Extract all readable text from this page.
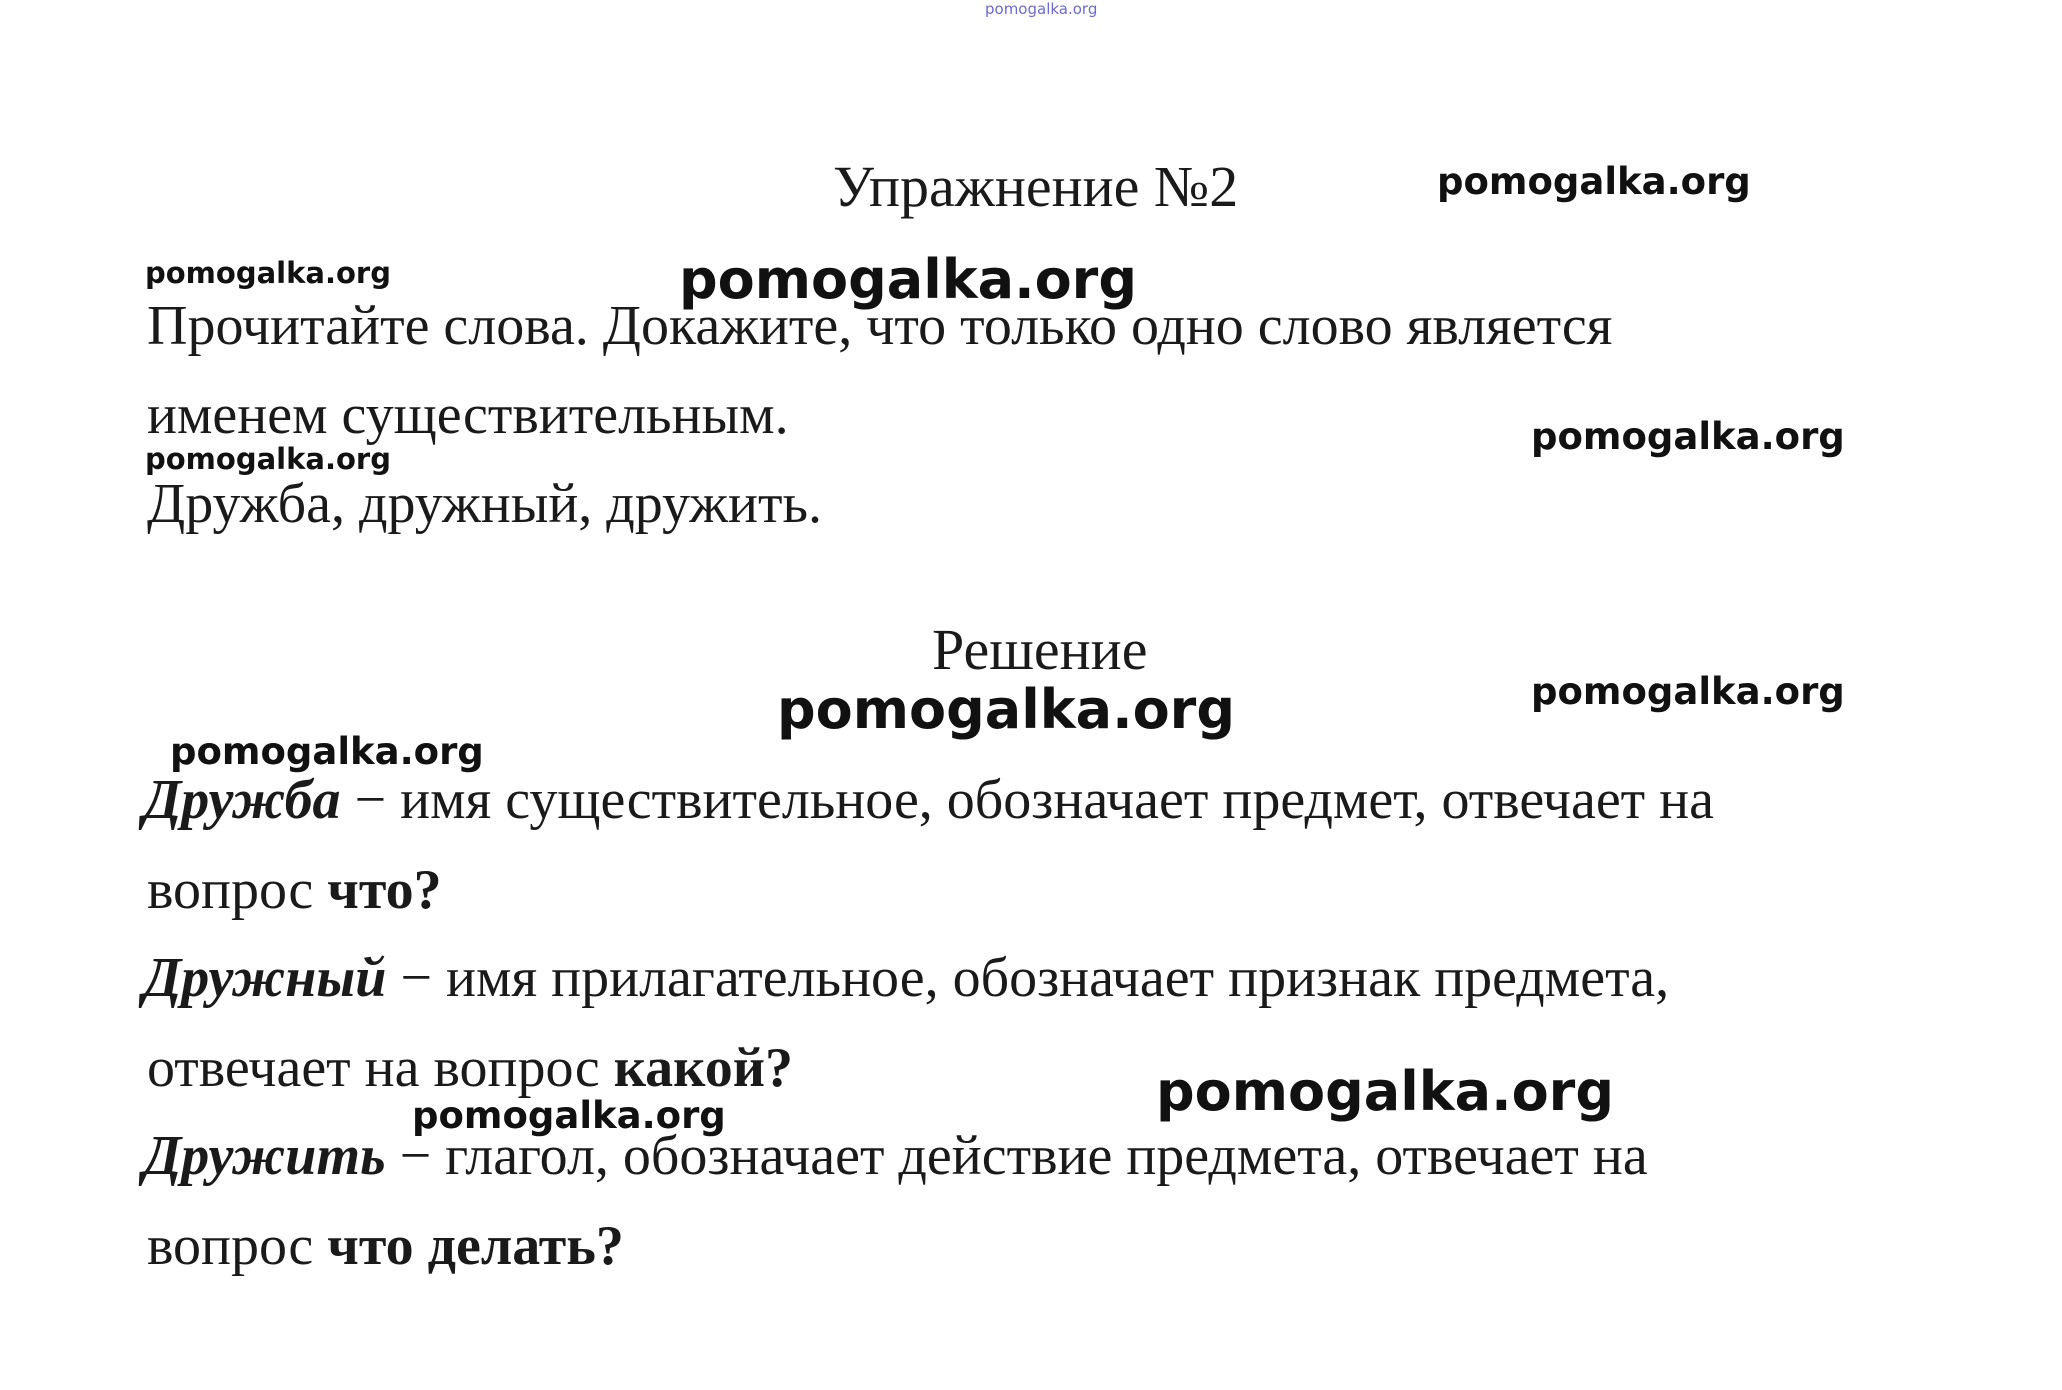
pomogalka.org
Упражнение №2
Прочитайте слова. Докажите, что только одно слово является
именем существительным.
Дружба, дружный, дружить.
Решение
Дружба − имя существительное, обозначает предмет, отвечает на
вопрос что?
Дружный − имя прилагательное, обозначает признак предмета,
отвечает на вопрос какой?
Дружить − глагол, обозначает действие предмета, отвечает на
вопрос что делать?
pomogalka.org
pomogalka.org	pomogalka.org
pomogalka.org
pomogalka.org
pomogalka.org
pomogalka.org
pomogalka.org
pomogalka.org
pomogalka.org
